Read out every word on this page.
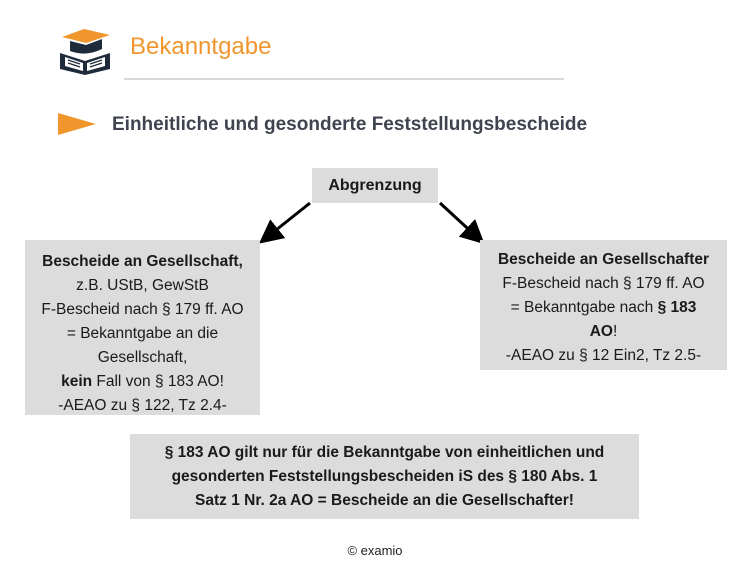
Bekanntgabe
Einheitliche und gesonderte Feststellungsbescheide
Abgrenzung
Bescheide an Gesellschaft,
z.B. UStB, GewStB
F-Bescheid nach § 179 ff. AO
= Bekanntgabe an die
Gesellschaft,
kein Fall von § 183 AO!
-AEAO zu § 122, Tz 2.4-
Bescheide an Gesellschafter
F-Bescheid nach § 179 ff. AO
= Bekanntgabe nach § 183
AO!
-AEAO zu § 12 Ein2, Tz 2.5-
§ 183 AO gilt nur für die Bekanntgabe von einheitlichen und
gesonderten Feststellungsbescheiden iS des § 180 Abs. 1
Satz 1 Nr. 2a AO = Bescheide an die Gesellschafter!
© examio
